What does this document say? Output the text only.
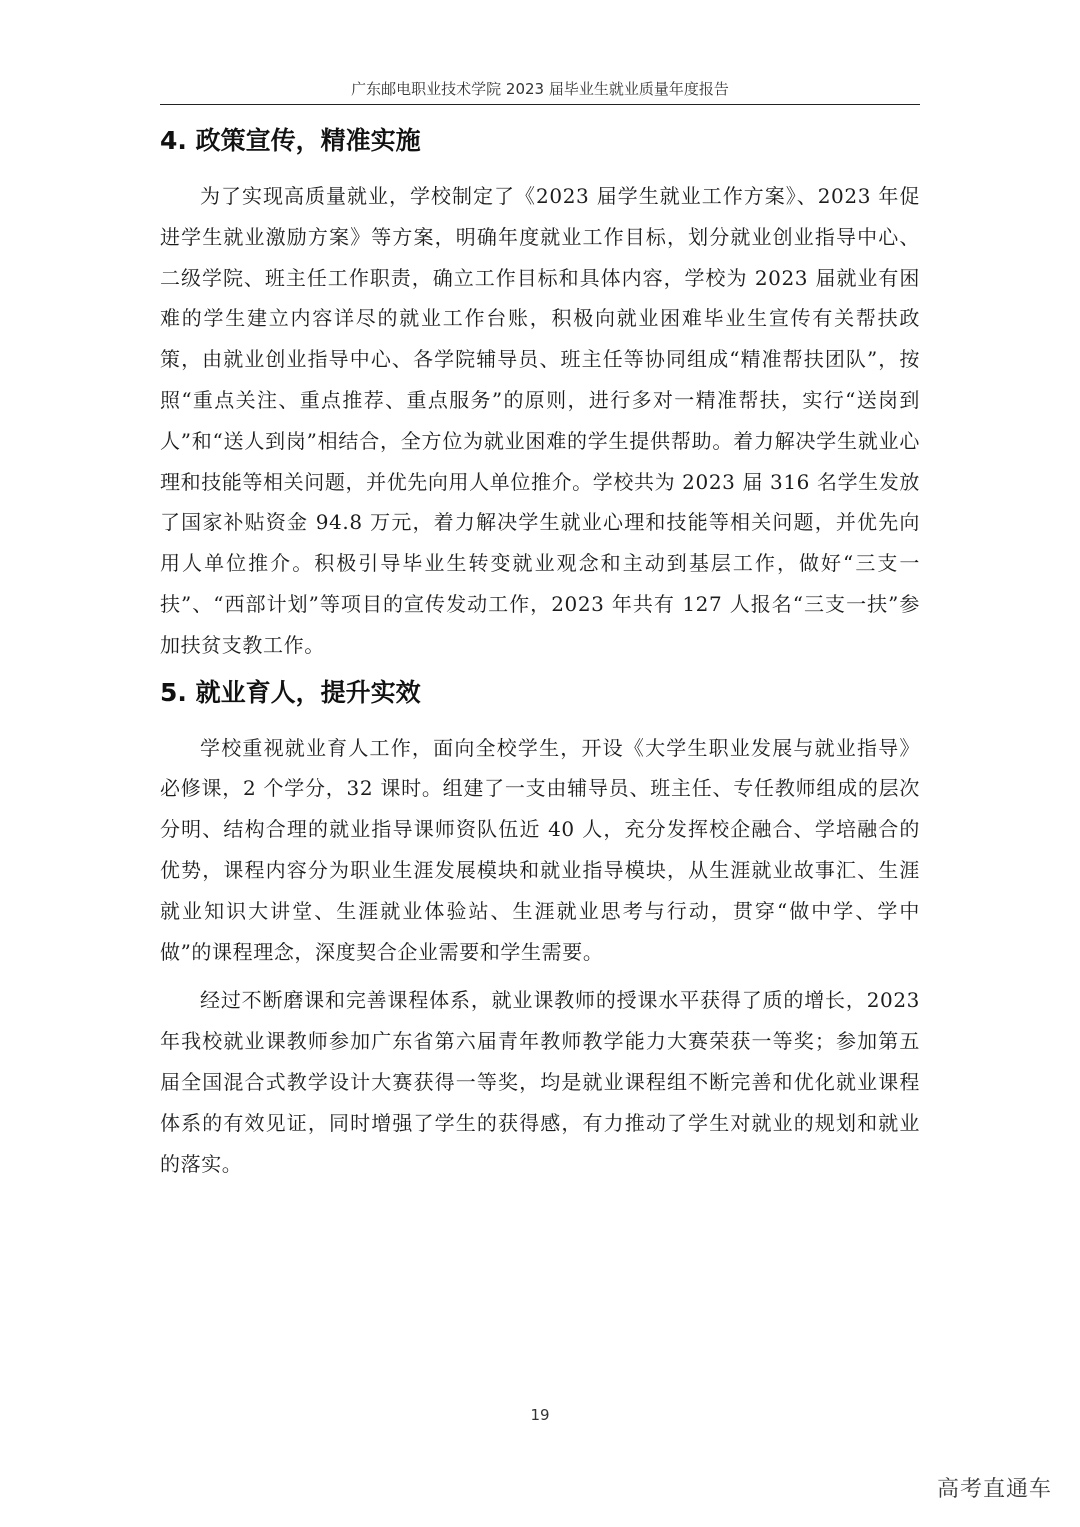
广东邮电职业技术学院 2023 届毕业生就业质量年度报告
4. 政策宣传，精准实施

为了实现高质量就业，学校制定了《2023 届学生就业工作方案》、2023 年促进学生就业激励方案》等方案，明确年度就业工作目标，划分就业创业指导中心、二级学院、班主任工作职责，确立工作目标和具体内容，学校为 2023 届就业有困难的学生建立内容详尽的就业工作台账，积极向就业困难毕业生宣传有关帮扶政策，由就业创业指导中心、各学院辅导员、班主任等协同组成“精准帮扶团队”，按照“重点关注、重点推荐、重点服务”的原则，进行多对一精准帮扶，实行“送岗到人”和“送人到岗”相结合，全方位为就业困难的学生提供帮助。着力解决学生就业心理和技能等相关问题，并优先向用人单位推介。学校共为 2023 届 316 名学生发放了国家补贴资金 94.8 万元，着力解决学生就业心理和技能等相关问题，并优先向用人单位推介。积极引导毕业生转变就业观念和主动到基层工作，做好“三支一扶”、“西部计划”等项目的宣传发动工作，2023 年共有 127 人报名“三支一扶”参加扶贫支教工作。

5. 就业育人，提升实效

学校重视就业育人工作，面向全校学生，开设《大学生职业发展与就业指导》必修课，2 个学分，32 课时。组建了一支由辅导员、班主任、专任教师组成的层次分明、结构合理的就业指导课师资队伍近 40 人，充分发挥校企融合、学培融合的优势，课程内容分为职业生涯发展模块和就业指导模块，从生涯就业故事汇、生涯就业知识大讲堂、生涯就业体验站、生涯就业思考与行动，贯穿“做中学、学中做”的课程理念，深度契合企业需要和学生需要。

经过不断磨课和完善课程体系，就业课教师的授课水平获得了质的增长，2023 年我校就业课教师参加广东省第六届青年教师教学能力大赛荣获一等奖；参加第五届全国混合式教学设计大赛获得一等奖，均是就业课程组不断完善和优化就业课程体系的有效见证，同时增强了学生的获得感，有力推动了学生对就业的规划和就业的落实。

19
高考直通车
